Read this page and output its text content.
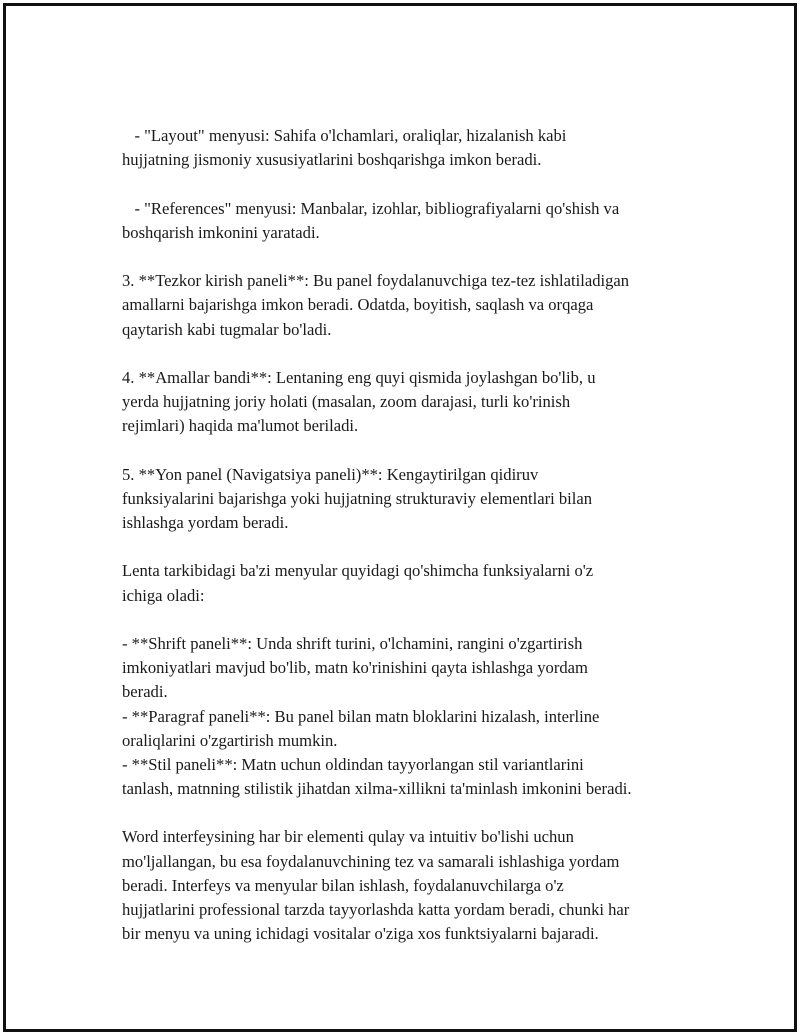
- "Layout" menyusi: Sahifa o'lchamlari, oraliqlar, hizalanish kabi
hujjatning jismoniy xususiyatlarini boshqarishga imkon beradi.
- "References" menyusi: Manbalar, izohlar, bibliografiyalarni qo'shish va
boshqarish imkonini yaratadi.
3. **Tezkor kirish paneli**: Bu panel foydalanuvchiga tez-tez ishlatiladigan
amallarni bajarishga imkon beradi. Odatda, boyitish, saqlash va orqaga
qaytarish kabi tugmalar bo'ladi.
4. **Amallar bandi**: Lentaning eng quyi qismida joylashgan bo'lib, u
yerda hujjatning joriy holati (masalan, zoom darajasi, turli ko'rinish
rejimlari) haqida ma'lumot beriladi.
5. **Yon panel (Navigatsiya paneli)**: Kengaytirilgan qidiruv
funksiyalarini bajarishga yoki hujjatning strukturaviy elementlari bilan
ishlashga yordam beradi.
Lenta tarkibidagi ba'zi menyular quyidagi qo'shimcha funksiyalarni o'z
ichiga oladi:
- **Shrift paneli**: Unda shrift turini, o'lchamini, rangini o'zgartirish
imkoniyatlari mavjud bo'lib, matn ko'rinishini qayta ishlashga yordam
beradi.
- **Paragraf paneli**: Bu panel bilan matn bloklarini hizalash, interline
oraliqlarini o'zgartirish mumkin.
- **Stil paneli**: Matn uchun oldindan tayyorlangan stil variantlarini
tanlash, matnning stilistik jihatdan xilma-xillikni ta'minlash imkonini beradi.
Word interfeysining har bir elementi qulay va intuitiv bo'lishi uchun
mo'ljallangan, bu esa foydalanuvchining tez va samarali ishlashiga yordam
beradi. Interfeys va menyular bilan ishlash, foydalanuvchilarga o'z
hujjatlarini professional tarzda tayyorlashda katta yordam beradi, chunki har
bir menyu va uning ichidagi vositalar o'ziga xos funktsiyalarni bajaradi.
